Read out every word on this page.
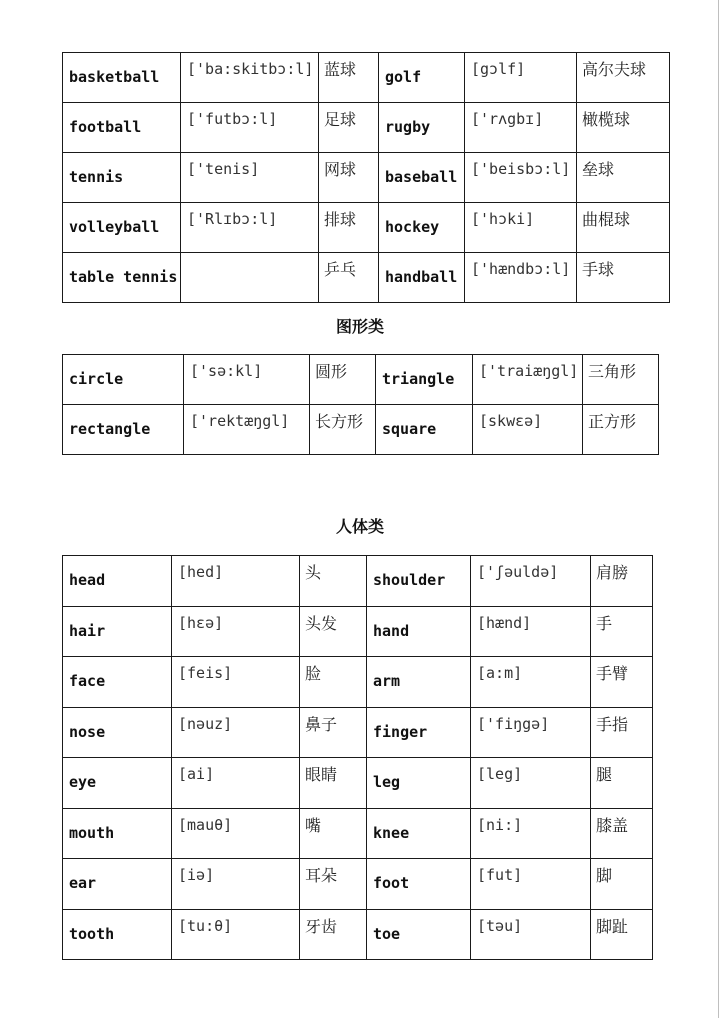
basketball	['ba:skitbɔ:l]	蓝球	golf	[gɔlf]	高尔夫球
football	['futbɔ:l]	足球	rugby	['rʌgbɪ]	橄榄球
tennis	['tenis]	网球	baseball	['beisbɔ:l]	垒球
volleyball	['Rlɪbɔ:l]	排球	hockey	['hɔki]	曲棍球
table tennis		乒乓	handball	['hændbɔ:l]	手球
图形类
circle	['sə:kl]	圆形	triangle	['traiæŋgl]	三角形
rectangle	['rektæŋgl]	长方形	square	[skwɛə]	正方形
人体类
head	[hed]	头	shoulder	['ʃəuldə]	肩膀
hair	[hɛə]	头发	hand	[hænd]	手
face	[feis]	脸	arm	[a:m]	手臂
nose	[nəuz]	鼻子	finger	['fiŋgə]	手指
eye	[ai]	眼睛	leg	[leg]	腿
mouth	[mauθ]	嘴	knee	[ni:]	膝盖
ear	[iə]	耳朵	foot	[fut]	脚
tooth	[tu:θ]	牙齿	toe	[təu]	脚趾
